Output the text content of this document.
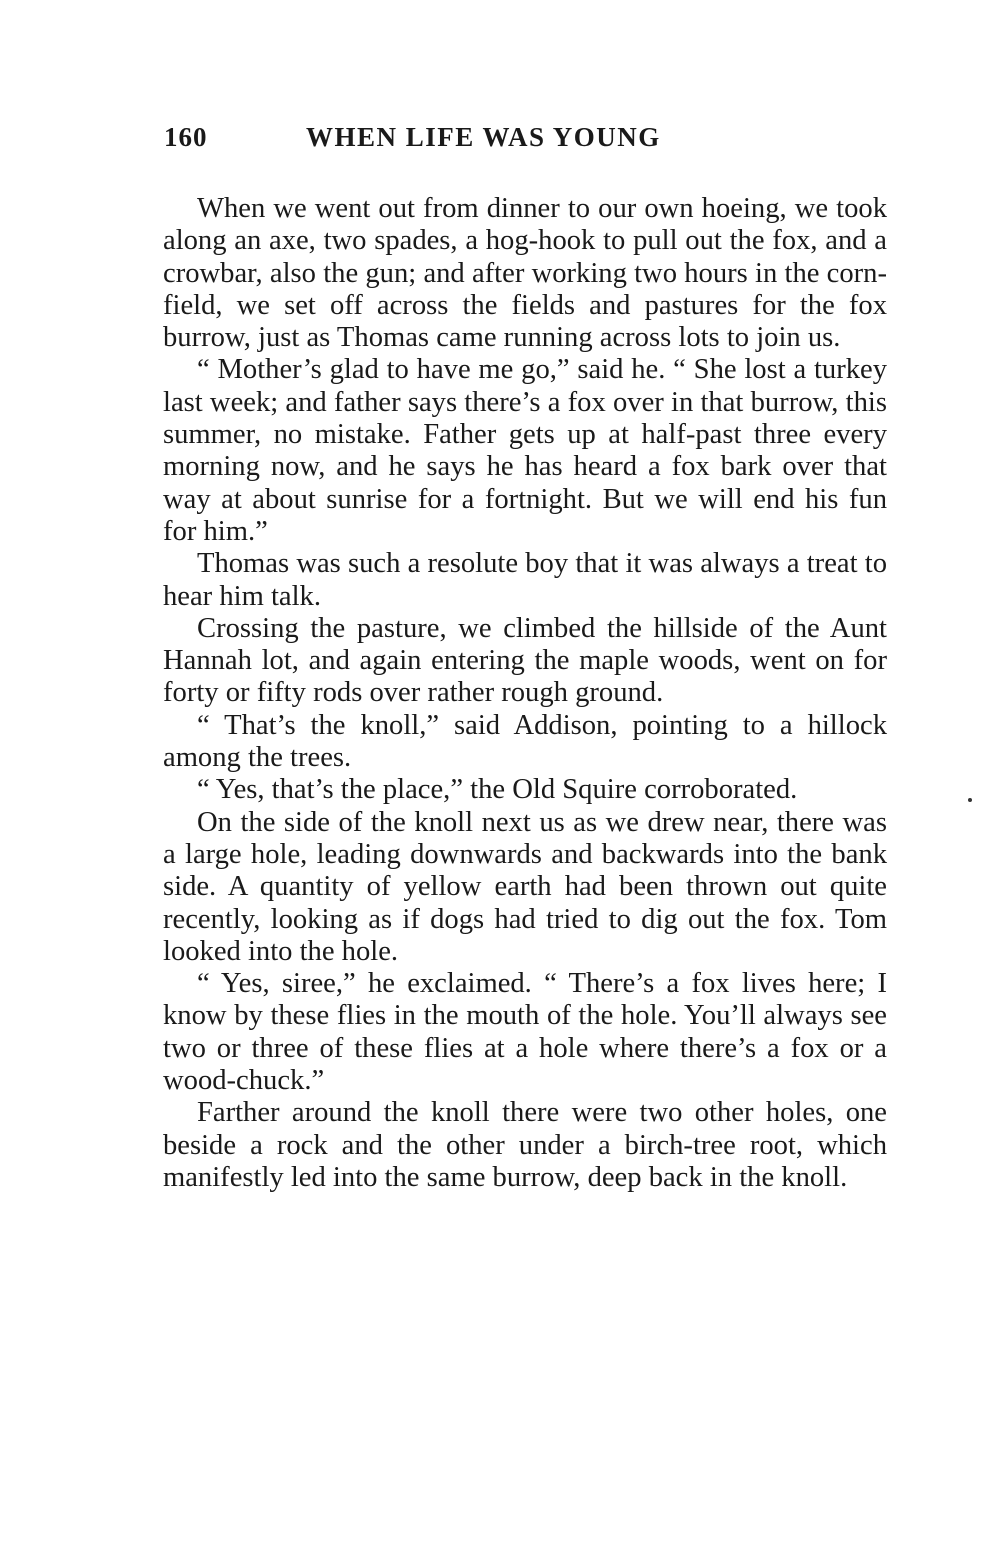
160	WHEN LIFE WAS YOUNG

When we went out from dinner to our own hoeing, we took along an axe, two spades, a hog-hook to pull out the fox, and a crowbar, also the gun; and after working two hours in the corn-field, we set off across the fields and pastures for the fox burrow, just as Thomas came running across lots to join us.

“ Mother’s glad to have me go,” said he. “ She lost a turkey last week; and father says there’s a fox over in that burrow, this summer, no mistake. Father gets up at half-past three every morning now, and he says he has heard a fox bark over that way at about sunrise for a fortnight. But we will end his fun for him.”

Thomas was such a resolute boy that it was always a treat to hear him talk.

Crossing the pasture, we climbed the hillside of the Aunt Hannah lot, and again entering the maple woods, went on for forty or fifty rods over rather rough ground.

“ That’s the knoll,” said Addison, pointing to a hillock among the trees.

“ Yes, that’s the place,” the Old Squire corroborated.

On the side of the knoll next us as we drew near, there was a large hole, leading downwards and backwards into the bank side. A quantity of yellow earth had been thrown out quite recently, looking as if dogs had tried to dig out the fox. Tom looked into the hole.

“ Yes, siree,” he exclaimed. “ There’s a fox lives here; I know by these flies in the mouth of the hole. You’ll always see two or three of these flies at a hole where there’s a fox or a wood-chuck.”

Farther around the knoll there were two other holes, one beside a rock and the other under a birch-tree root, which manifestly led into the same burrow, deep back in the knoll.
